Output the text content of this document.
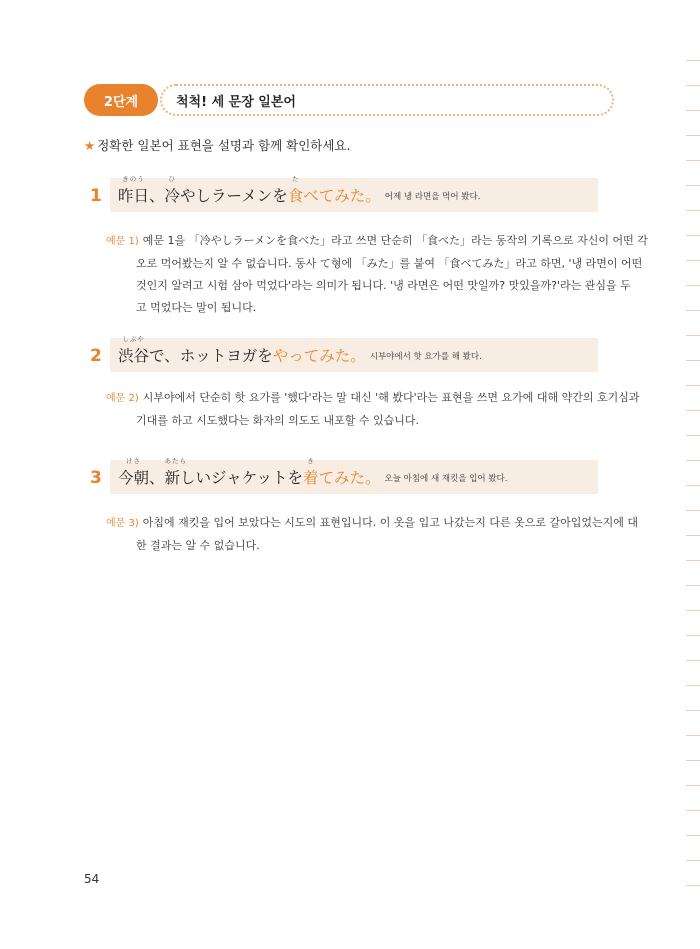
2단계	척척! 세 문장 일본어
★ 정확한 일본어 표현을 설명과 함께 확인하세요.
1
きのう
昨日 、
ひ
冷 やしラーメンを
た
食べてみた。 어제 냉 라면을 먹어 봤다.
예문 1) 예문 1을 「冷やしラーメンを食べた」라고 쓰면 단순히 「食べた」라는 동작의 기록으로 자신이 어떤 각
오로 먹어봤는지 알 수 없습니다. 동사 て형에 「みた」를 붙여 「食べてみた」라고 하면, '냉 라면이 어떤
것인지 알려고 시험 삼아 먹었다'라는 의미가 됩니다. '냉 라면은 어떤 맛일까? 맛있을까?'라는 관심을 두
고 먹었다는 말이 됩니다.
2
しぶや
渋谷 で、ホットヨガを やってみた。 시부야에서 핫 요가를 해 봤다.
예문 2) 시부야에서 단순히 핫 요가를 '했다'라는 말 대신 '해 봤다'라는 표현을 쓰면 요가에 대해 약간의 호기심과
기대를 하고 시도했다는 화자의 의도도 내포할 수 있습니다.
3
けさ
今朝 、
あたら
新 しいジャケットを
き
着てみた。 오늘 아침에 새 재킷을 입어 봤다.
예문 3) 아침에 재킷을 입어 보았다는 시도의 표현입니다. 이 옷을 입고 나갔는지 다른 옷으로 갈아입었는지에 대
한 결과는 알 수 없습니다.
54
